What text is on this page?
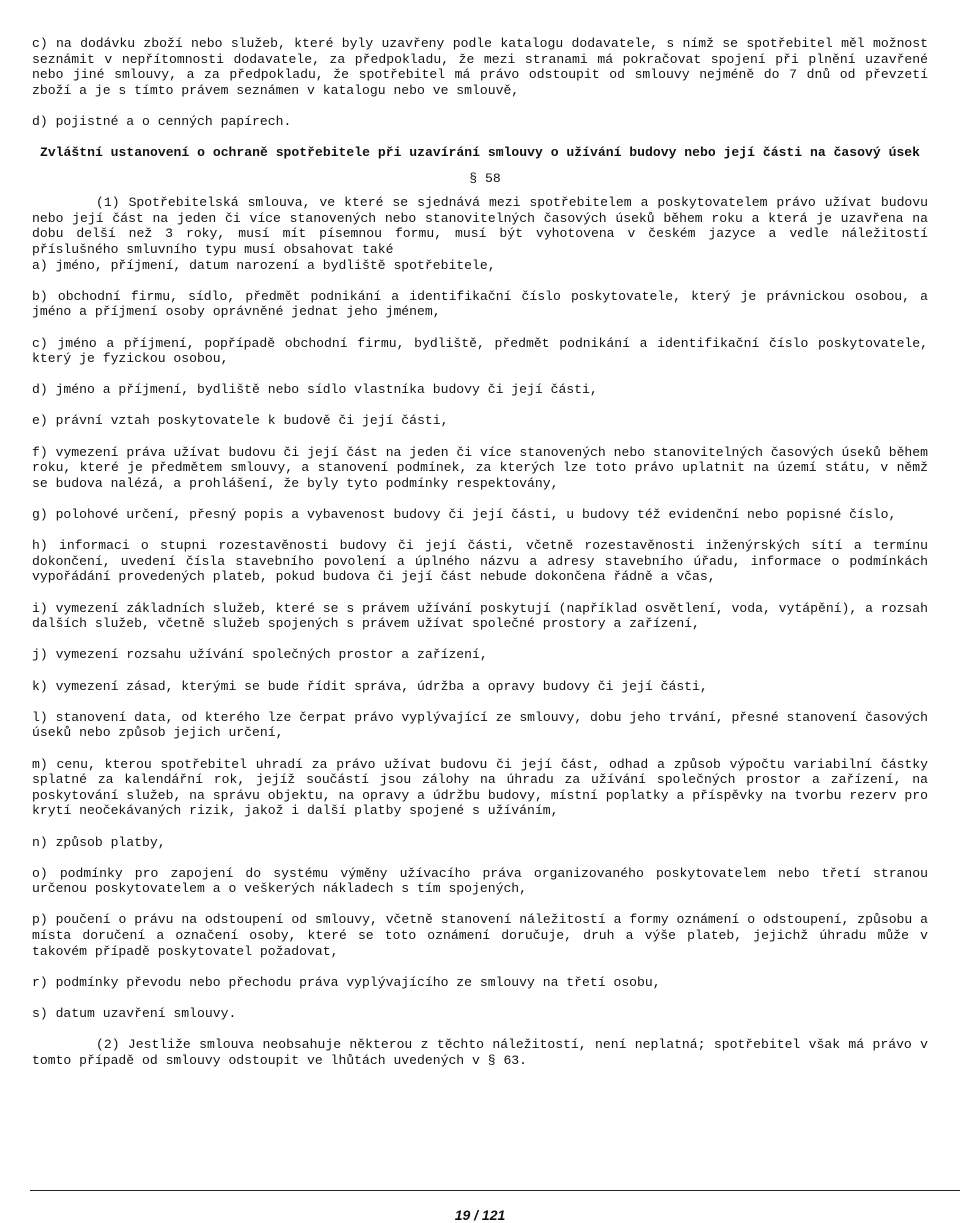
c) na dodávku zboží nebo služeb, které byly uzavřeny podle katalogu dodavatele, s nímž se spotřebitel měl možnost seznámit v nepřítomnosti dodavatele, za předpokladu, že mezi stranami má pokračovat spojení při plnění uzavřené nebo jiné smlouvy, a za předpokladu, že spotřebitel má právo odstoupit od smlouvy nejméně do 7 dnů od převzetí zboží a je s tímto právem seznámen v katalogu nebo ve smlouvě,

d) pojistné a o cenných papírech.

Zvláštní ustanovení o ochraně spotřebitele při uzavírání smlouvy o užívání budovy nebo její části na časový úsek

§ 58

(1) Spotřebitelská smlouva, ve které se sjednává mezi spotřebitelem a poskytovatelem právo užívat budovu nebo její část na jeden či více stanovených nebo stanovitelných časových úseků během roku a která je uzavřena na dobu delší než 3 roky, musí mít písemnou formu, musí být vyhotovena v českém jazyce a vedle náležitostí příslušného smluvního typu musí obsahovat také

a) jméno, příjmení, datum narození a bydliště spotřebitele,

b) obchodní firmu, sídlo, předmět podnikání a identifikační číslo poskytovatele, který je právnickou osobou, a jméno a příjmení osoby oprávněné jednat jeho jménem,

c) jméno a příjmení, popřípadě obchodní firmu, bydliště, předmět podnikání a identifikační číslo poskytovatele, který je fyzickou osobou,

d) jméno a příjmení, bydliště nebo sídlo vlastníka budovy či její části,

e) právní vztah poskytovatele k budově či její části,

f) vymezení práva užívat budovu či její část na jeden či více stanovených nebo stanovitelných časových úseků během roku, které je předmětem smlouvy, a stanovení podmínek, za kterých lze toto právo uplatnit na území státu, v němž se budova nalézá, a prohlášení, že byly tyto podmínky respektovány,

g) polohové určení, přesný popis a vybavenost budovy či její části, u budovy též evidenční nebo popisné číslo,

h) informaci o stupni rozestavěnosti budovy či její části, včetně rozestavěnosti inženýrských sítí a termínu dokončení, uvedení čísla stavebního povolení a úplného názvu a adresy stavebního úřadu, informace o podmínkách vypořádání provedených plateb, pokud budova či její část nebude dokončena řádně a včas,

i) vymezení základních služeb, které se s právem užívání poskytují (například osvětlení, voda, vytápění), a rozsah dalších služeb, včetně služeb spojených s právem užívat společné prostory a zařízení,

j) vymezení rozsahu užívání společných prostor a zařízení,

k) vymezení zásad, kterými se bude řídit správa, údržba a opravy budovy či její části,

l) stanovení data, od kterého lze čerpat právo vyplývající ze smlouvy, dobu jeho trvání, přesné stanovení časových úseků nebo způsob jejich určení,

m) cenu, kterou spotřebitel uhradí za právo užívat budovu či její část, odhad a způsob výpočtu variabilní částky splatné za kalendářní rok, jejíž součástí jsou zálohy na úhradu za užívání společných prostor a zařízení, na poskytování služeb, na správu objektu, na opravy a údržbu budovy, místní poplatky a příspěvky na tvorbu rezerv pro krytí neočekávaných rizik, jakož i další platby spojené s užíváním,

n) způsob platby,

o) podmínky pro zapojení do systému výměny užívacího práva organizovaného poskytovatelem nebo třetí stranou určenou poskytovatelem a o veškerých nákladech s tím spojených,

p) poučení o právu na odstoupení od smlouvy, včetně stanovení náležitostí a formy oznámení o odstoupení, způsobu a místa doručení a označení osoby, které se toto oznámení doručuje, druh a výše plateb, jejichž úhradu může v takovém případě poskytovatel požadovat,

r) podmínky převodu nebo přechodu práva vyplývajícího ze smlouvy na třetí osobu,

s) datum uzavření smlouvy.

(2) Jestliže smlouva neobsahuje některou z těchto náležitostí, není neplatná; spotřebitel však má právo v tomto případě od smlouvy odstoupit ve lhůtách uvedených v § 63.

19 / 121
